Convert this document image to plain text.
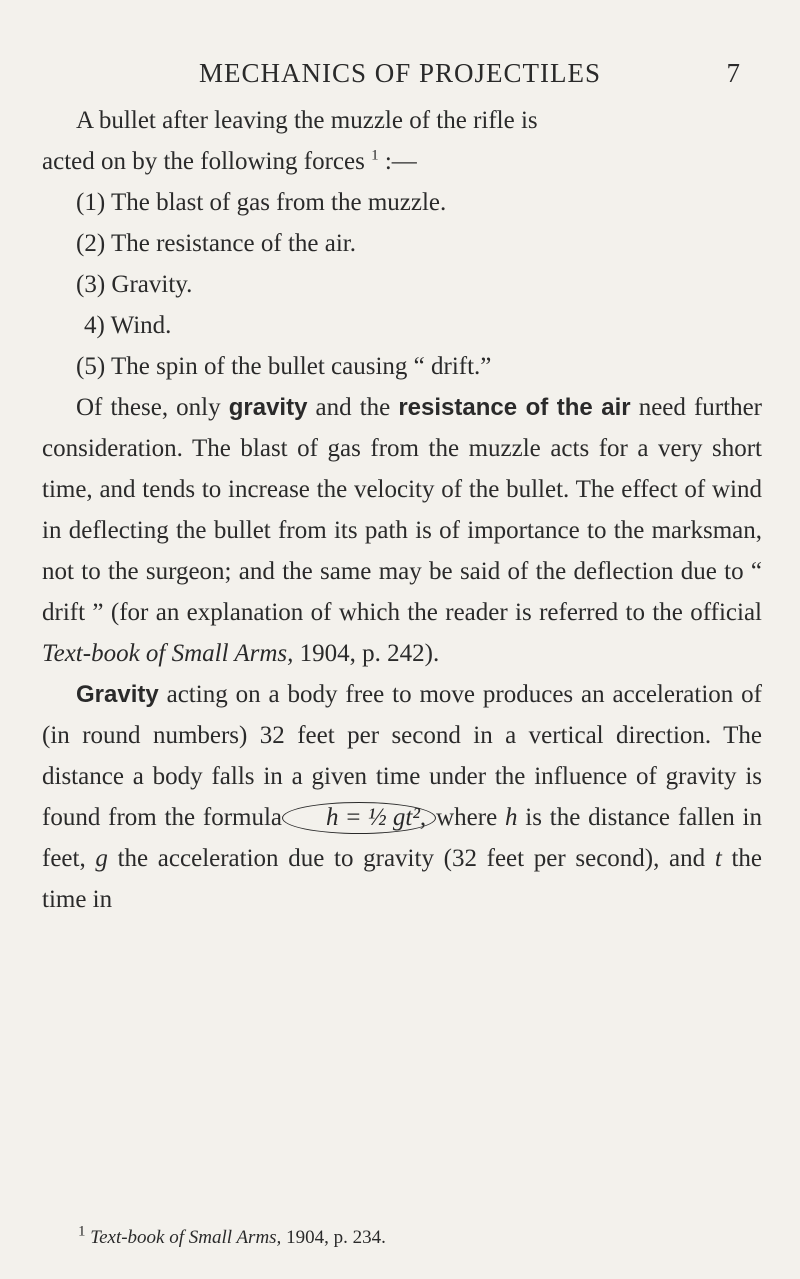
MECHANICS OF PROJECTILES	7

A bullet after leaving the muzzle of the rifle is
acted on by the following forces $^1$ :—

(1) The blast of gas from the muzzle.

(2) The resistance of the air.

(3) Gravity.

4) Wind.

(5) The spin of the bullet causing “ drift.”

Of these, only gravity and the resistance of the air need further consideration. The blast of gas from the muzzle acts for a very short time, and tends to increase the velocity of the bullet. The effect of wind in deflecting the bullet from its path is of importance to the marksman, not to the surgeon; and the same may be said of the deflection due to “ drift ” (for an explanation of which the reader is referred to the official Text-book of Small Arms, 1904, p. 242).

Gravity acting on a body free to move produces an acceleration of (in round numbers) 32 feet per second in a vertical direction. The distance a body falls in a given time under the influence of gravity is found from the formula h = ½ gt², where h is the distance fallen in feet, g the acceleration due to gravity (32 feet per second), and t the time in

$^1$ Text-book of Small Arms, 1904, p. 234.
